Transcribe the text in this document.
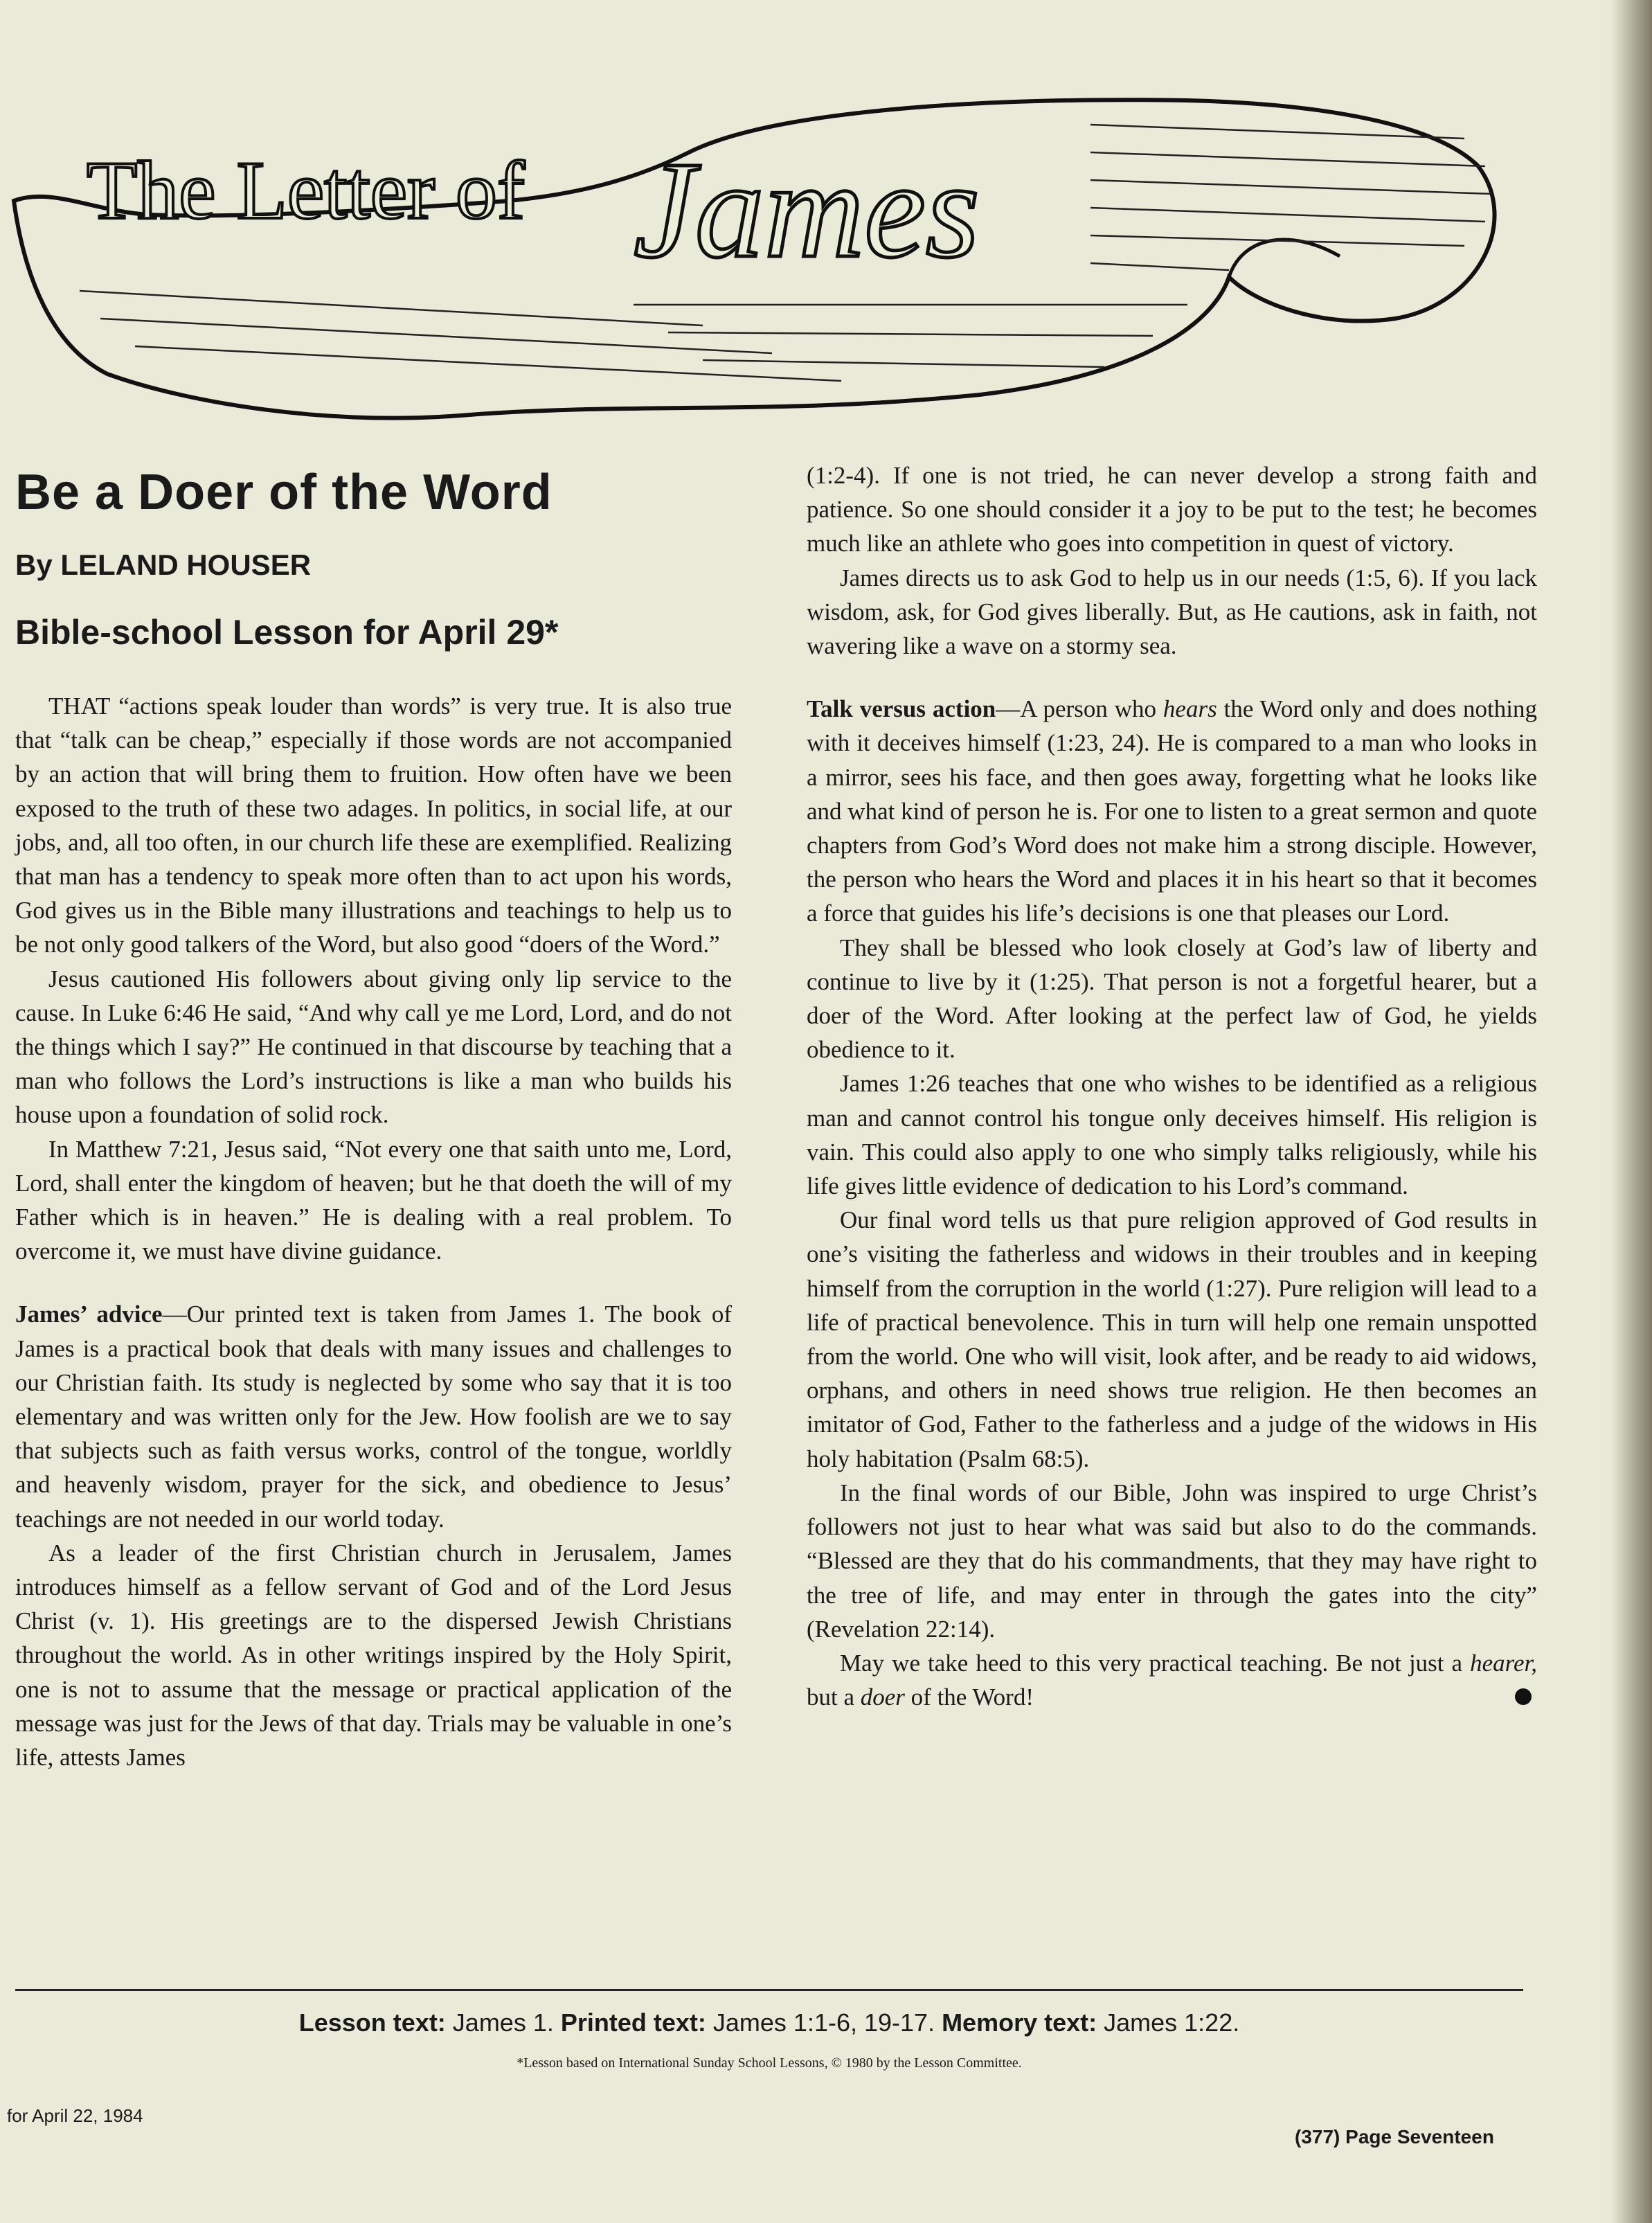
The Letter of James
Be a Doer of the Word
By LELAND HOUSER
Bible-school Lesson for April 29*

THAT “actions speak louder than words” is very true. It is also true that “talk can be cheap,” especially if those words are not accompanied by an action that will bring them to fruition. How often have we been exposed to the truth of these two adages. In politics, in social life, at our jobs, and, all too often, in our church life these are exemplified. Realizing that man has a tendency to speak more often than to act upon his words, God gives us in the Bible many illustrations and teachings to help us to be not only good talkers of the Word, but also good “doers of the Word.”

Jesus cautioned His followers about giving only lip service to the cause. In Luke 6:46 He said, “And why call ye me Lord, Lord, and do not the things which I say?” He continued in that discourse by teaching that a man who follows the Lord’s instructions is like a man who builds his house upon a foundation of solid rock.

In Matthew 7:21, Jesus said, “Not every one that saith unto me, Lord, Lord, shall enter the kingdom of heaven; but he that doeth the will of my Father which is in heaven.” He is dealing with a real problem. To overcome it, we must have divine guidance.

James’ advice—Our printed text is taken from James 1. The book of James is a practical book that deals with many issues and challenges to our Christian faith. Its study is neglected by some who say that it is too elementary and was written only for the Jew. How foolish are we to say that subjects such as faith versus works, control of the tongue, worldly and heavenly wisdom, prayer for the sick, and obedience to Jesus’ teachings are not needed in our world today.

As a leader of the first Christian church in Jerusalem, James introduces himself as a fellow servant of God and of the Lord Jesus Christ (v. 1). His greetings are to the dispersed Jewish Christians throughout the world. As in other writings inspired by the Holy Spirit, one is not to assume that the message or practical application of the message was just for the Jews of that day. Trials may be valuable in one’s life, attests James

(1:2-4). If one is not tried, he can never develop a strong faith and patience. So one should consider it a joy to be put to the test; he becomes much like an athlete who goes into competition in quest of victory.

James directs us to ask God to help us in our needs (1:5, 6). If you lack wisdom, ask, for God gives liberally. But, as He cautions, ask in faith, not wavering like a wave on a stormy sea.

Talk versus action—A person who hears the Word only and does nothing with it deceives himself (1:23, 24). He is compared to a man who looks in a mirror, sees his face, and then goes away, forgetting what he looks like and what kind of person he is. For one to listen to a great sermon and quote chapters from God’s Word does not make him a strong disciple. However, the person who hears the Word and places it in his heart so that it becomes a force that guides his life’s decisions is one that pleases our Lord.

They shall be blessed who look closely at God’s law of liberty and continue to live by it (1:25). That person is not a forgetful hearer, but a doer of the Word. After looking at the perfect law of God, he yields obedience to it.

James 1:26 teaches that one who wishes to be identified as a religious man and cannot control his tongue only deceives himself. His religion is vain. This could also apply to one who simply talks religiously, while his life gives little evidence of dedication to his Lord’s command.

Our final word tells us that pure religion approved of God results in one’s visiting the fatherless and widows in their troubles and in keeping himself from the corruption in the world (1:27). Pure religion will lead to a life of practical benevolence. This in turn will help one remain unspotted from the world. One who will visit, look after, and be ready to aid widows, orphans, and others in need shows true religion. He then becomes an imitator of God, Father to the fatherless and a judge of the widows in His holy habitation (Psalm 68:5).

In the final words of our Bible, John was inspired to urge Christ’s followers not just to hear what was said but also to do the commands. “Blessed are they that do his commandments, that they may have right to the tree of life, and may enter in through the gates into the city” (Revelation 22:14).

May we take heed to this very practical teaching. Be not just a hearer, but a doer of the Word!

Lesson text: James 1. Printed text: James 1:1-6, 19-17. Memory text: James 1:22.
*Lesson based on International Sunday School Lessons, © 1980 by the Lesson Committee.
for April 22, 1984
(377) Page Seventeen
